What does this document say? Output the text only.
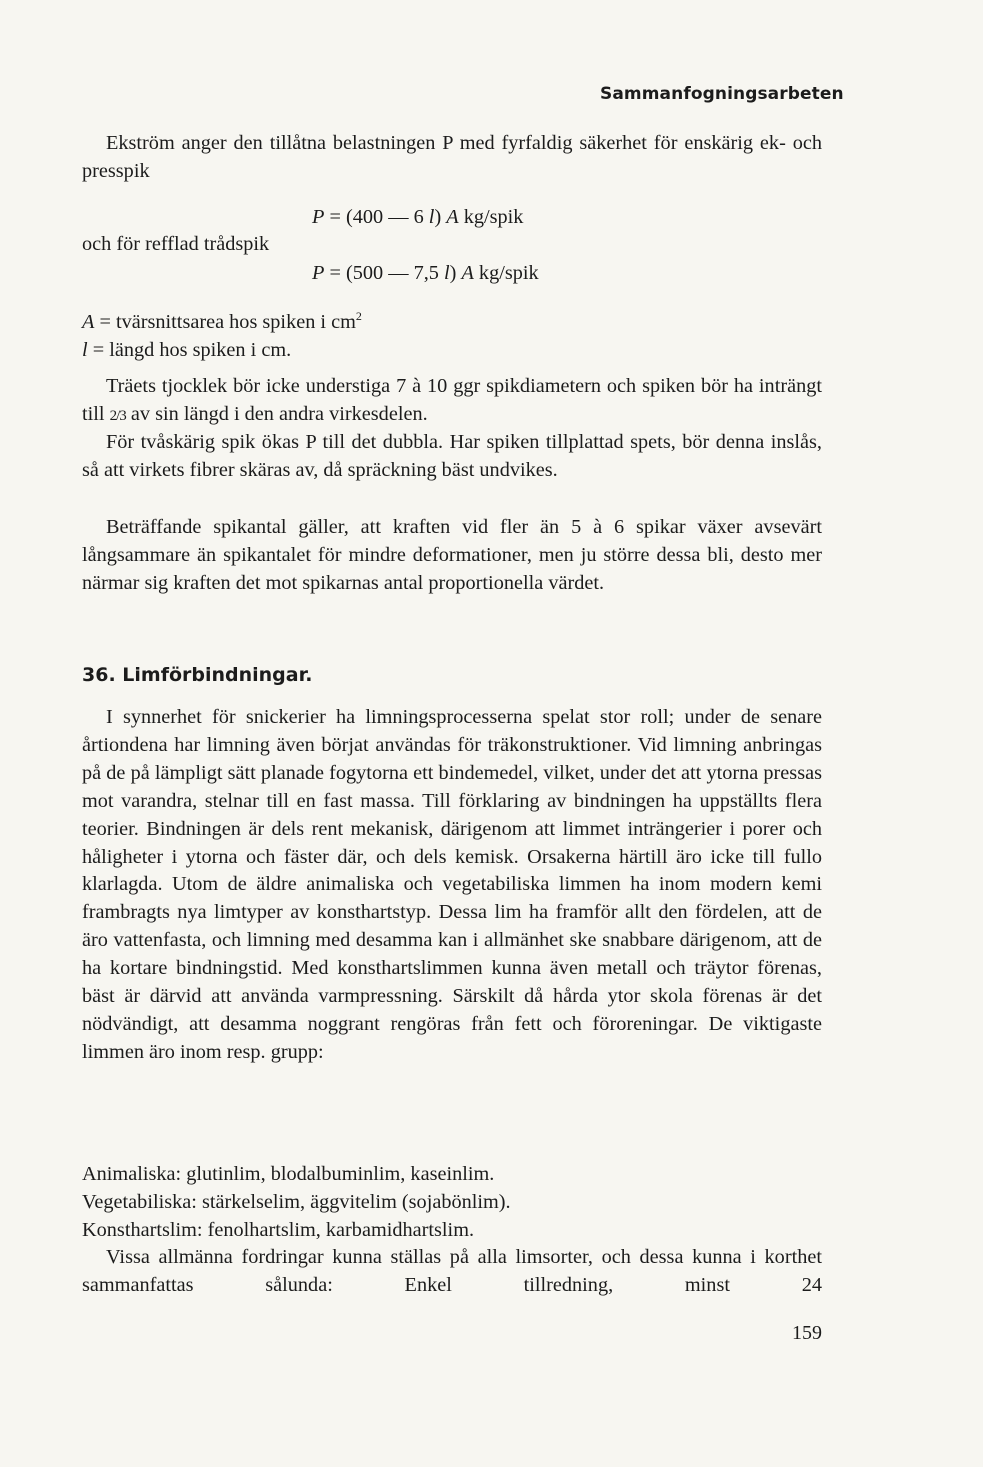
Sammanfogningsarbeten

Ekström anger den tillåtna belastningen P med fyrfaldig säkerhet för enskärig ek- och presspik

P = (400 — 6 l) A kg/spik
och för refflad trådspik
P = (500 — 7,5 l) A kg/spik
A = tvärsnittsarea hos spiken i $cm^2$
l = längd hos spiken i cm.

Träets tjocklek bör icke understiga 7 à 10 ggr spikdiametern och spiken bör ha inträngt till 2/3 av sin längd i den andra virkesdelen.

För tvåskärig spik ökas P till det dubbla. Har spiken tillplattad spets, bör denna inslås, så att virkets fibrer skäras av, då spräckning bäst undvikes.

Beträffande spikantal gäller, att kraften vid fler än 5 à 6 spikar växer avsevärt långsammare än spikantalet för mindre deformationer, men ju större dessa bli, desto mer närmar sig kraften det mot spikarnas antal proportionella värdet.

36. Limförbindningar.

I synnerhet för snickerier ha limningsprocesserna spelat stor roll; under de senare årtiondena har limning även börjat användas för träkonstruktioner. Vid limning anbringas på de på lämpligt sätt planade fogytorna ett bindemedel, vilket, under det att ytorna pressas mot varandra, stelnar till en fast massa. Till förklaring av bindningen ha uppställts flera teorier. Bindningen är dels rent mekanisk, därigenom att limmet inträngerier i porer och håligheter i ytorna och fäster där, och dels kemisk. Orsakerna härtill äro icke till fullo klarlagda. Utom de äldre animaliska och vegetabiliska limmen ha inom modern kemi frambragts nya limtyper av konsthartstyp. Dessa lim ha framför allt den fördelen, att de äro vattenfasta, och limning med desamma kan i allmänhet ske snabbare därigenom, att de ha kortare bindningstid. Med konsthartslimmen kunna även metall och träytor förenas, bäst är därvid att använda varmpressning. Särskilt då hårda ytor skola förenas är det nödvändigt, att desamma noggrant rengöras från fett och föroreningar. De viktigaste limmen äro inom resp. grupp:

Animaliska: glutinlim, blodalbuminlim, kaseinlim.
Vegetabiliska: stärkelselim, äggvitelim (sojabönlim).
Konsthartslim: fenolhartslim, karbamidhartslim.

Vissa allmänna fordringar kunna ställas på alla limsorter, och dessa kunna i korthet sammanfattas sålunda: Enkel tillredning, minst 24

159
